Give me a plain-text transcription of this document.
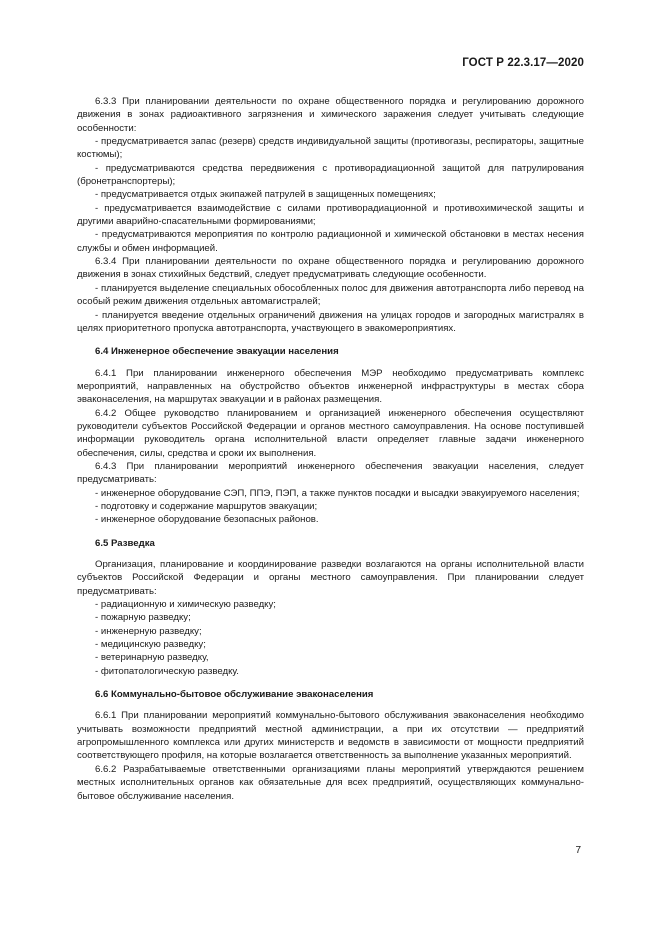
ГОСТ Р 22.3.17—2020

6.3.3 При планировании деятельности по охране общественного порядка и регулированию дорожного движения в зонах радиоактивного загрязнения и химического заражения следует учитывать следующие особенности:

- предусматривается запас (резерв) средств индивидуальной защиты (противогазы, респираторы, защитные костюмы);

- предусматриваются средства передвижения с противорадиационной защитой для патрулирования (бронетранспортеры);

- предусматривается отдых экипажей патрулей в защищенных помещениях;

- предусматривается взаимодействие с силами противорадиационной и противохимической защиты и другими аварийно-спасательными формированиями;

- предусматриваются мероприятия по контролю радиационной и химической обстановки в местах несения службы и обмен информацией.

6.3.4 При планировании деятельности по охране общественного порядка и регулированию дорожного движения в зонах стихийных бедствий, следует предусматривать следующие особенности.

- планируется выделение специальных обособленных полос для движения автотранспорта либо перевод на особый режим движения отдельных автомагистралей;

- планируется введение отдельных ограничений движения на улицах городов и загородных магистралях в целях приоритетного пропуска автотранспорта, участвующего в эвакомероприятиях.

6.4 Инженерное обеспечение эвакуации населения

6.4.1 При планировании инженерного обеспечения МЭР необходимо предусматривать комплекс мероприятий, направленных на обустройство объектов инженерной инфраструктуры в местах сбора эваконаселения, на маршрутах эвакуации и в районах размещения.

6.4.2 Общее руководство планированием и организацией инженерного обеспечения осуществляют руководители субъектов Российской Федерации и органов местного самоуправления. На основе поступившей информации руководитель органа исполнительной власти определяет главные задачи инженерного обеспечения, силы, средства и сроки их выполнения.

6.4.3 При планировании мероприятий инженерного обеспечения эвакуации населения, следует предусматривать:

- инженерное оборудование СЭП, ППЭ, ПЭП, а также пунктов посадки и высадки эвакуируемого населения;

- подготовку и содержание маршрутов эвакуации;

- инженерное оборудование безопасных районов.

6.5 Разведка

Организация, планирование и координирование разведки возлагаются на органы исполнительной власти субъектов Российской Федерации и органы местного самоуправления. При планировании следует предусматривать:

- радиационную и химическую разведку;

- пожарную разведку;

- инженерную разведку;

- медицинскую разведку;

- ветеринарную разведку,

- фитопатологическую разведку.

6.6 Коммунально-бытовое обслуживание эваконаселения

6.6.1 При планировании мероприятий коммунально-бытового обслуживания эваконаселения необходимо учитывать возможности предприятий местной администрации, а при их отсутствии — предприятий агропромышленного комплекса или других министерств и ведомств в зависимости от мощности предприятий соответствующего профиля, на которые возлагается ответственность за выполнение указанных мероприятий.

6.6.2 Разрабатываемые ответственными организациями планы мероприятий утверждаются решением местных исполнительных органов как обязательные для всех предприятий, осуществляющих коммунально-бытовое обслуживание населения.

7
